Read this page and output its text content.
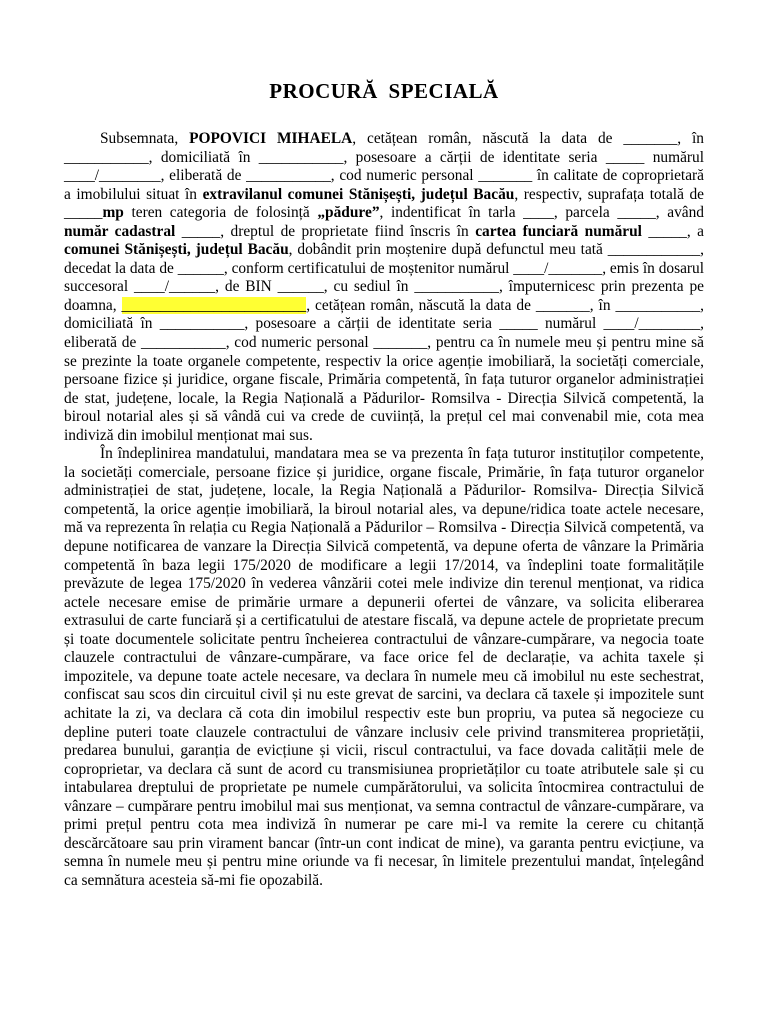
PROCURĂ SPECIALĂ

Subsemnata, POPOVICI MIHAELA, cetățean român, născută la data de _______, în ___________, domiciliată în ___________, posesoare a cărții de identitate seria _____ numărul ____/________, eliberată de ___________, cod numeric personal _______ în calitate de coproprietară a imobilului situat în extravilanul comunei Stănișești, județul Bacău, respectiv, suprafața totală de _____mp teren categoria de folosință „pădure”, indentificat în tarla ____, parcela _____, având număr cadastral _____, dreptul de proprietate fiind înscris în cartea funciară numărul _____, a comunei Stănișești, județul Bacău, dobândit prin moștenire după defunctul meu tată ____________, decedat la data de ______, conform certificatului de moștenitor numărul ____/_______, emis în dosarul succesoral ____/______, de BIN ______, cu sediul în ___________, împuternicesc prin prezenta pe doamna, ________________________, cetățean român, născută la data de _______, în ___________, domiciliată în ___________, posesoare a cărții de identitate seria _____ numărul ____/________, eliberată de ___________, cod numeric personal _______, pentru ca în numele meu și pentru mine să se prezinte la toate organele competente, respectiv la orice agenție imobiliară, la societăți comerciale, persoane fizice și juridice, organe fiscale, Primăria competentă, în fața tuturor organelor administrației de stat, județene, locale, la Regia Națională a Pădurilor- Romsilva - Direcția Silvică competentă, la biroul notarial ales și să vândă cui va crede de cuviință, la prețul cel mai convenabil mie, cota mea indiviză din imobilul menționat mai sus.

În îndeplinirea mandatului, mandatara mea se va prezenta în fața tuturor instituților competente, la societăți comerciale, persoane fizice și juridice, organe fiscale, Primărie, în fața tuturor organelor administrației de stat, județene, locale, la Regia Națională a Pădurilor- Romsilva- Direcția Silvică competentă, la orice agenție imobiliară, la biroul notarial ales, va depune/ridica toate actele necesare, mă va reprezenta în relația cu Regia Națională a Pădurilor – Romsilva - Direcția Silvică competentă, va depune notificarea de vanzare la Direcția Silvică competentă, va depune oferta de vânzare la Primăria competentă în baza legii 175/2020 de modificare a legii 17/2014, va îndeplini toate formalitățile prevăzute de legea 175/2020 în vederea vânzării cotei mele indivize din terenul menționat, va ridica actele necesare emise de primărie urmare a depunerii ofertei de vânzare, va solicita eliberarea extrasului de carte funciară și a certificatului de atestare fiscală, va depune actele de proprietate precum și toate documentele solicitate pentru încheierea contractului de vânzare-cumpărare, va negocia toate clauzele contractului de vânzare-cumpărare, va face orice fel de declarație, va achita taxele și impozitele, va depune toate actele necesare, va declara în numele meu că imobilul nu este sechestrat, confiscat sau scos din circuitul civil și nu este grevat de sarcini, va declara că taxele și impozitele sunt achitate la zi, va declara că cota din imobilul respectiv este bun propriu, va putea să negocieze cu depline puteri toate clauzele contractului de vânzare inclusiv cele privind transmiterea proprietății, predarea bunului, garanția de evicțiune și vicii, riscul contractului, va face dovada calității mele de coproprietar, va declara că sunt de acord cu transmisiunea proprietăților cu toate atributele sale și cu intabularea dreptului de proprietate pe numele cumpărătorului, va solicita întocmirea contractului de vânzare – cumpărare pentru imobilul mai sus menționat, va semna contractul de vânzare-cumpărare, va primi prețul pentru cota mea indiviză în numerar pe care mi-l va remite la cerere cu chitanță descărcătoare sau prin virament bancar (într-un cont indicat de mine), va garanta pentru evicțiune, va semna în numele meu și pentru mine oriunde va fi necesar, în limitele prezentului mandat, înțelegând ca semnătura acesteia să-mi fie opozabilă.
